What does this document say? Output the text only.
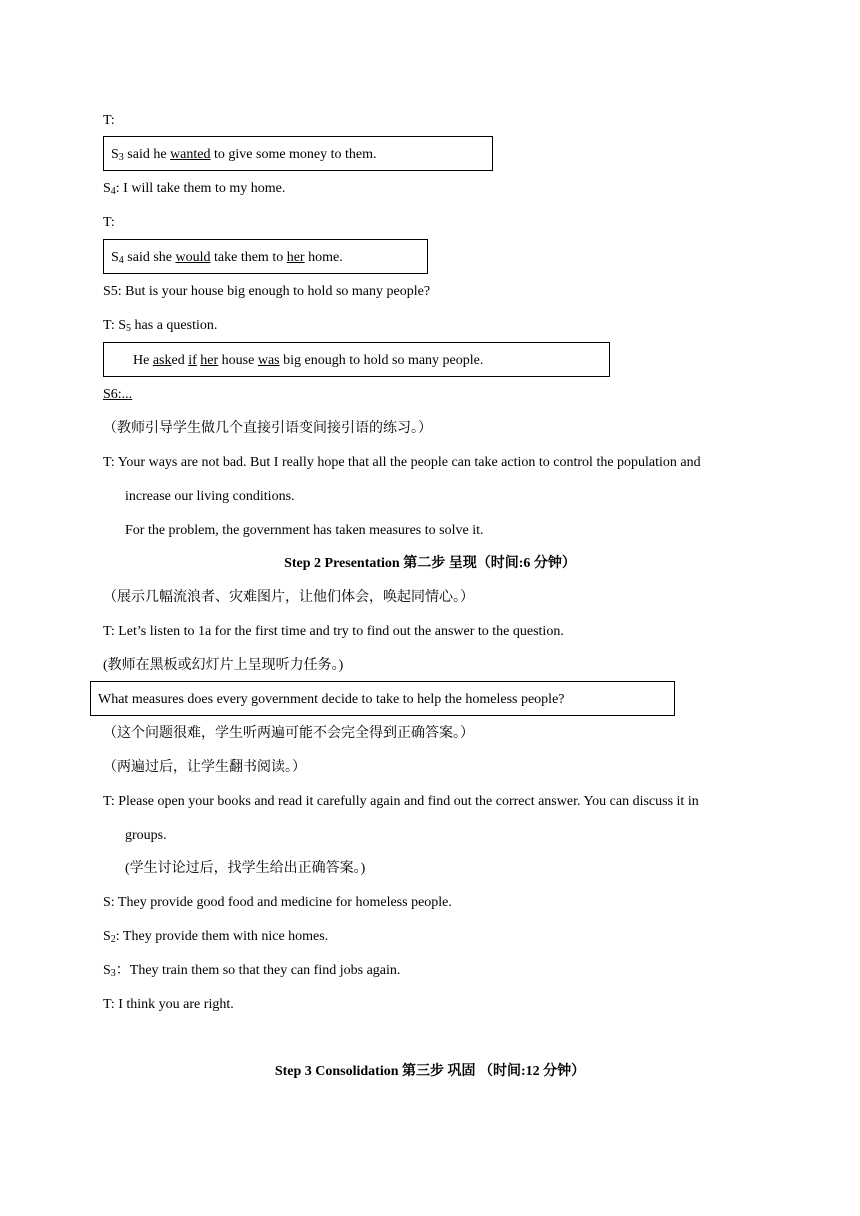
T:
$S_3$ said he wanted to give some money to them.
$S_4$: I will take them to my home.
T:
$S_4$ said she would take them to her home.
S5: But is your house big enough to hold so many people?
T: $S_5$ has a question.
He asked if her house was big enough to hold so many people.
S6:...
（教师引导学生做几个直接引语变间接引语的练习。）
T: Your ways are not bad. But I really hope that all the people can take action to control the population and
increase our living conditions.
For the problem, the government has taken measures to solve it.
Step 2 Presentation 第二步 呈现（时间:6 分钟）
（展示几幅流浪者、灾难图片，让他们体会，唤起同情心。）
T: Let’s listen to 1a for the first time and try to find out the answer to the question.
(教师在黑板或幻灯片上呈现听力任务。)
What measures does every government decide to take to help the homeless people?
（这个问题很难，学生听两遍可能不会完全得到正确答案。）
（两遍过后，让学生翻书阅读。）
T: Please open your books and read it carefully again and find out the correct answer. You can discuss it in
groups.
(学生讨论过后，找学生给出正确答案。)
S: They provide good food and medicine for homeless people.
$S_2$: They provide them with nice homes.
$S_3$：They train them so that they can find jobs again.
T: I think you are right.
Step 3 Consolidation 第三步 巩固 （时间:12 分钟）
